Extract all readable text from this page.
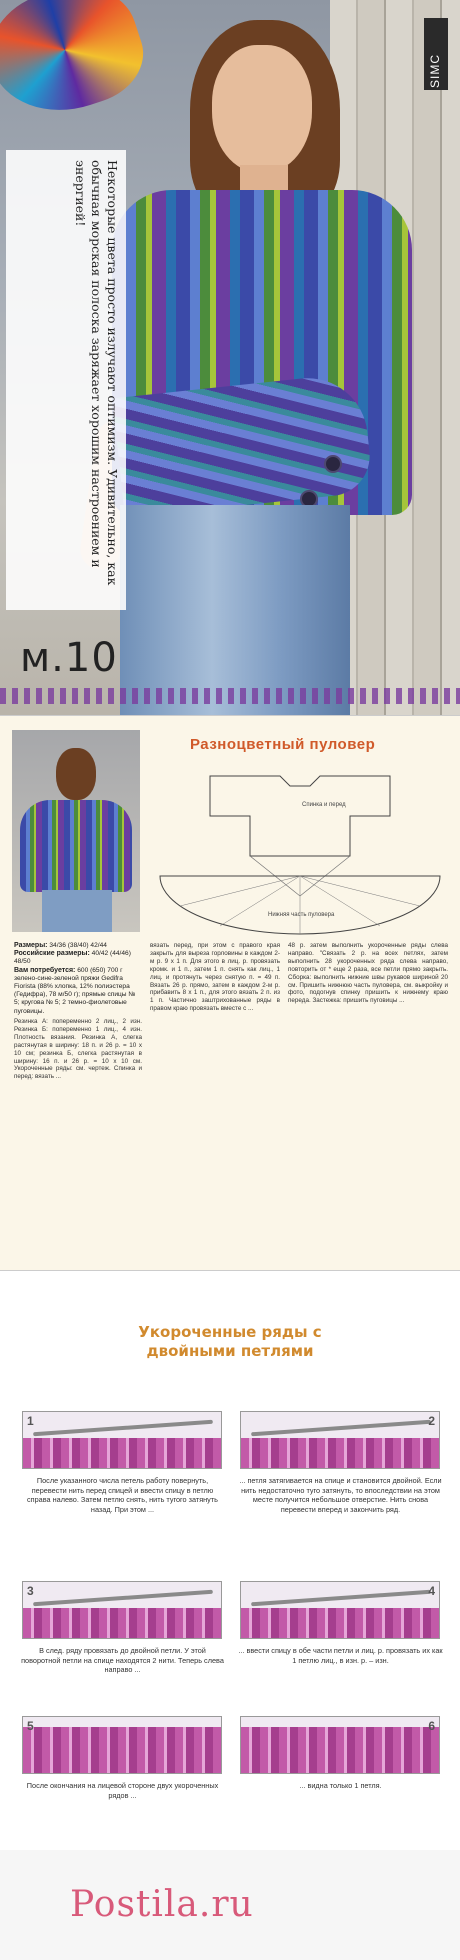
Некоторые цвета просто излучают оптимизм. Удивительно, как обычная морская полоска заряжает хорошим настроением и энергией!

SIMC
м.10
Разноцветный пуловер
Спинка и перед
Нижняя часть пуловера
Размеры: 34/36 (38/40) 42/44
Российские размеры: 40/42 (44/46) 48/50
Вам потребуется: 600 (650) 700 г зелено-сине-зеленой пряжи Gedifra Fiorista (88% хлопка, 12% полиэстера (Гедифра), 78 м/50 г); прямые спицы № 5; кругова № 5; 2 темно-фиолетовые пуговицы.
Резинка А: попеременно 2 лиц., 2 изн. Резинка Б: попеременно 1 лиц., 4 изн. Плотность вязания. Резинка А, слегка растянутая в ширину: 18 п. и 26 р. = 10 х 10 см; резинка Б, слегка растянутая в ширину: 16 п. и 26 р. = 10 х 10 см. Укороченные ряды: см. чертеж. Спинка и перед: вязать ...
вязать перед, при этом с правого края закрыть для выреза горловины в каждом 2-м р. 9 х 1 п. Для этого в лиц. р. провязать кромк. и 1 п., затем 1 п. снять как лиц., 1 лиц. и протянуть через снятую п. = 49 п. Вязать 26 р. прямо, затем в каждом 2-м р. прибавить 8 х 1 п., для этого вязать 2 п. из 1 п. Частично заштрихованные ряды в правом краю провязать вместе с ...
48 р. затем выполнить укороченные ряды слева направо. "Связать 2 р. на всех петлях, затем выполнить 28 укороченных ряда слева направо, повторить от * еще 2 раза, все петли прямо закрыть. Сборка: выполнить нижние швы рукавов шириной 20 см. Пришить нижнюю часть пуловера, см. выкройку и фото, подогнув спинку пришить к нижнему краю переда. Застежка: пришить пуговицы ...
Укороченные ряды с двойными петлями
1
После указанного числа петель работу повернуть, перевести нить перед спицей и ввести спицу в петлю справа налево. Затем петлю снять, нить тугого затянуть назад. При этом ...
2
... петля затягивается на спице и становится двойной. Если нить недостаточно туго затянуть, то впоследствии на этом месте получится небольшое отверстие. Нить снова перевести вперед и закончить ряд.
3
В след. ряду провязать до двойной петли. У этой поворотной петли на спице находятся 2 нити. Теперь слева направо ...
4
... ввести спицу в обе части петли и лиц. р. провязать их как 1 петлю лиц., в изн. р. – изн.
5
После окончания на лицевой стороне двух укороченных рядов ...
6
... видна только 1 петля.
Postila.ru
